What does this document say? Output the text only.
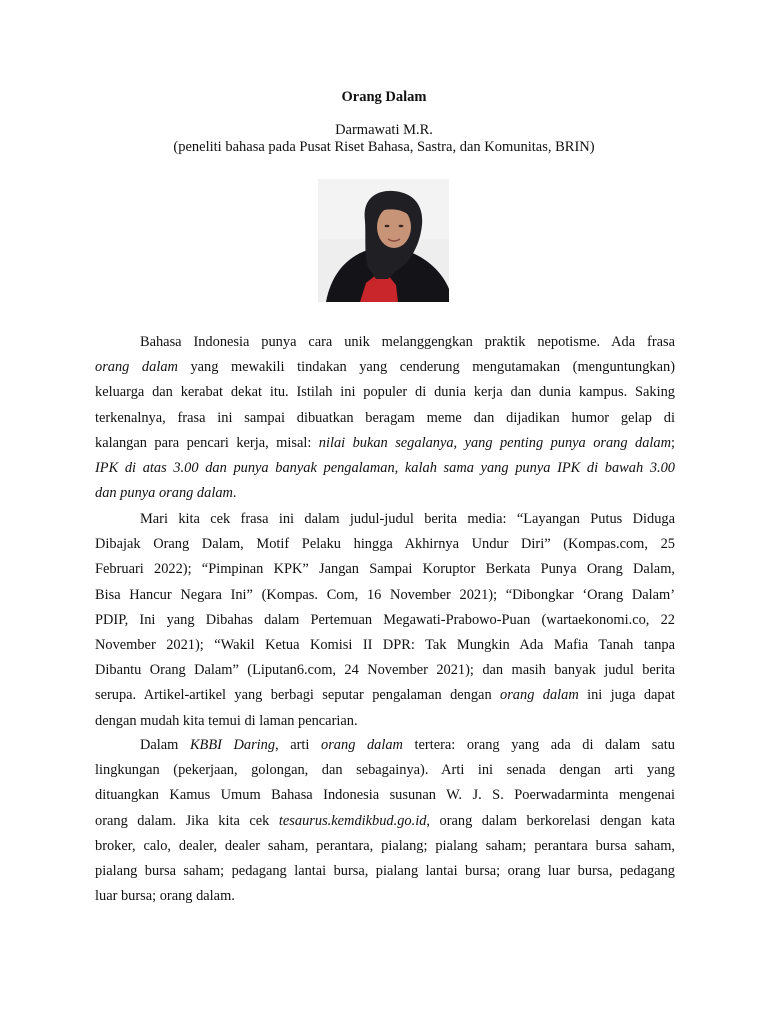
Orang Dalam
Darmawati M.R.
(peneliti bahasa pada Pusat Riset Bahasa, Sastra, dan Komunitas, BRIN)
Bahasa Indonesia punya cara unik melanggengkan praktik nepotisme. Ada frasa
orang dalam yang mewakili tindakan yang cenderung mengutamakan (menguntungkan)
keluarga dan kerabat dekat itu. Istilah ini populer di dunia kerja dan dunia kampus. Saking
terkenalnya, frasa ini sampai dibuatkan beragam meme dan dijadikan humor gelap di
kalangan para pencari kerja, misal: nilai bukan segalanya, yang penting punya orang dalam;
IPK di atas 3.00 dan punya banyak pengalaman, kalah sama yang punya IPK di bawah 3.00
dan punya orang dalam.
Mari kita cek frasa ini dalam judul-judul berita media: “Layangan Putus Diduga
Dibajak Orang Dalam, Motif Pelaku hingga Akhirnya Undur Diri” (Kompas.com, 25
Februari 2022); “Pimpinan KPK” Jangan Sampai Koruptor Berkata Punya Orang Dalam,
Bisa Hancur Negara Ini” (Kompas. Com, 16 November 2021); “Dibongkar ‘Orang Dalam’
PDIP, Ini yang Dibahas dalam Pertemuan Megawati-Prabowo-Puan (wartaekonomi.co, 22
November 2021); “Wakil Ketua Komisi II DPR: Tak Mungkin Ada Mafia Tanah tanpa
Dibantu Orang Dalam” (Liputan6.com, 24 November 2021); dan masih banyak judul berita
serupa. Artikel-artikel yang berbagi seputar pengalaman dengan orang dalam ini juga dapat
dengan mudah kita temui di laman pencarian.
Dalam KBBI Daring, arti orang dalam tertera: orang yang ada di dalam satu
lingkungan (pekerjaan, golongan, dan sebagainya). Arti ini senada dengan arti yang
dituangkan Kamus Umum Bahasa Indonesia susunan W. J. S. Poerwadarminta mengenai
orang dalam. Jika kita cek tesaurus.kemdikbud.go.id, orang dalam berkorelasi dengan kata
broker, calo, dealer, dealer saham, perantara, pialang; pialang saham; perantara bursa saham,
pialang bursa saham; pedagang lantai bursa, pialang lantai bursa; orang luar bursa, pedagang
luar bursa; orang dalam.
